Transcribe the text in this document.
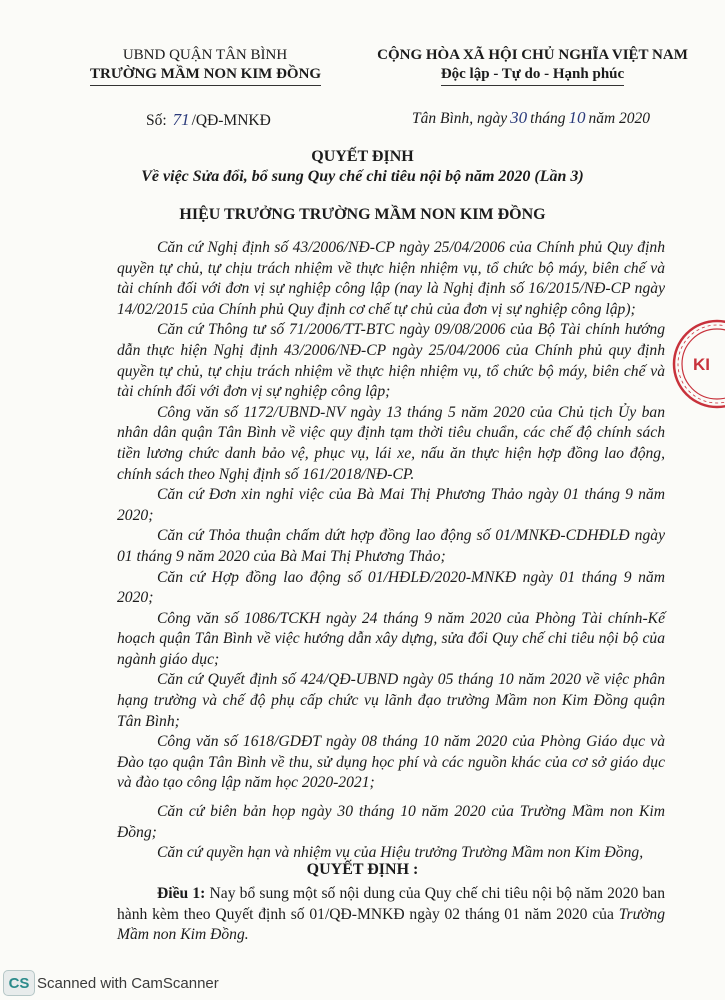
UBND QUẬN TÂN BÌNH
TRƯỜNG MẦM NON KIM ĐỒNG
CỘNG HÒA XÃ HỘI CHỦ NGHĨA VIỆT NAM
Độc lập - Tự do - Hạnh phúc
Số: 71 /QĐ-MNKĐ	Tân Bình, ngày 30 tháng 10 năm 2020
QUYẾT ĐỊNH
Về việc Sửa đổi, bổ sung Quy chế chi tiêu nội bộ năm 2020 (Lần 3)
HIỆU TRƯỞNG TRƯỜNG MẦM NON KIM ĐỒNG

Căn cứ Nghị định số 43/2006/NĐ-CP ngày 25/04/2006 của Chính phủ Quy định quyền tự chủ, tự chịu trách nhiệm về thực hiện nhiệm vụ, tổ chức bộ máy, biên chế và tài chính đối với đơn vị sự nghiệp công lập (nay là Nghị định số 16/2015/NĐ-CP ngày 14/02/2015 của Chính phủ Quy định cơ chế tự chủ của đơn vị sự nghiệp công lập);

Căn cứ Thông tư số 71/2006/TT-BTC ngày 09/08/2006 của Bộ Tài chính hướng dẫn thực hiện Nghị định 43/2006/NĐ-CP ngày 25/04/2006 của Chính phủ quy định quyền tự chủ, tự chịu trách nhiệm về thực hiện nhiệm vụ, tổ chức bộ máy, biên chế và tài chính đối với đơn vị sự nghiệp công lập;

Công văn số 1172/UBND-NV ngày 13 tháng 5 năm 2020 của Chủ tịch Ủy ban nhân dân quận Tân Bình về việc quy định tạm thời tiêu chuẩn, các chế độ chính sách tiền lương chức danh bảo vệ, phục vụ, lái xe, nấu ăn thực hiện hợp đồng lao động, chính sách theo Nghị định số 161/2018/NĐ-CP.

Căn cứ Đơn xin nghỉ việc của Bà Mai Thị Phương Thảo ngày 01 tháng 9 năm 2020;

Căn cứ Thỏa thuận chấm dứt hợp đồng lao động số 01/MNKĐ-CDHĐLĐ ngày 01 tháng 9 năm 2020 của Bà Mai Thị Phương Thảo;

Căn cứ Hợp đồng lao động số 01/HĐLĐ/2020-MNKĐ ngày 01 tháng 9 năm 2020;

Công văn số 1086/TCKH ngày 24 tháng 9 năm 2020 của Phòng Tài chính-Kế hoạch quận Tân Bình về việc hướng dẫn xây dựng, sửa đổi Quy chế chi tiêu nội bộ của ngành giáo dục;

Căn cứ Quyết định số 424/QĐ-UBND ngày 05 tháng 10 năm 2020 về việc phân hạng trường và chế độ phụ cấp chức vụ lãnh đạo trường Mầm non Kim Đồng quận Tân Bình;

Công văn số 1618/GDĐT ngày 08 tháng 10 năm 2020 của Phòng Giáo dục và Đào tạo quận Tân Bình về thu, sử dụng học phí và các nguồn khác của cơ sở giáo dục và đào tạo công lập năm học 2020-2021;

Căn cứ biên bản họp ngày 30 tháng 10 năm 2020 của Trường Mầm non Kim Đồng;

Căn cứ quyền hạn và nhiệm vụ của Hiệu trưởng Trường Mầm non Kim Đồng,

QUYẾT ĐỊNH :

Điều 1: Nay bổ sung một số nội dung của Quy chế chi tiêu nội bộ năm 2020 ban hành kèm theo Quyết định số 01/QĐ-MNKĐ ngày 02 tháng 01 năm 2020 của Trường Mầm non Kim Đồng.

KI
CS Scanned with CamScanner
